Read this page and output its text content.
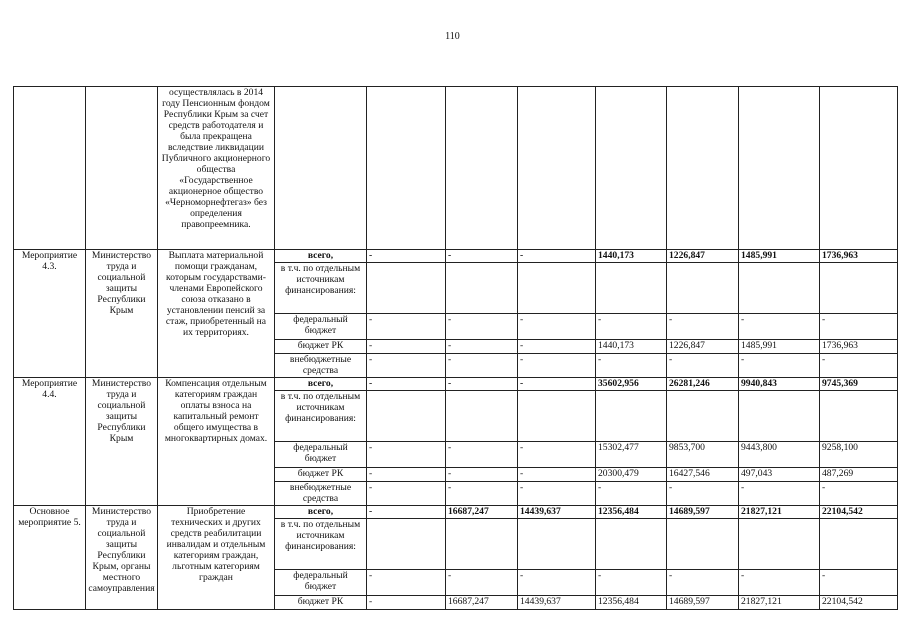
110
		осуществлялась в 2014 году Пенсионным фондом Республики Крым за счет средств работодателя и была прекращена вследствие ликвидации Публичного акционерного общества «Государственное акционерное общество «Черноморнефтегаз» без определения правопреемника.								
Мероприятие 4.3.	Министерство труда и социальной защиты Республики Крым	Выплата материальной помощи гражданам, которым государствами-членами Европейского союза отказано в установлении пенсий за стаж, приобретенный на их территориях.	всего,	-	-	-	1440,173	1226,847	1485,991	1736,963
			в т.ч. по отдельным источникам финансирования:							
			федеральный бюджет	-	-	-	-	-	-	-
			бюджет РК	-	-	-	1440,173	1226,847	1485,991	1736,963
			внебюджетные средства	-	-	-	-	-	-	-
Мероприятие 4.4.	Министерство труда и социальной защиты Республики Крым	Компенсация отдельным категориям граждан оплаты взноса на капитальный ремонт общего имущества в многоквартирных домах.	всего,	-	-	-	35602,956	26281,246	9940,843	9745,369
			в т.ч. по отдельным источникам финансирования:							
			федеральный бюджет	-	-	-	15302,477	9853,700	9443,800	9258,100
			бюджет РК	-	-	-	20300,479	16427,546	497,043	487,269
			внебюджетные средства	-	-	-	-	-	-	-
Основное мероприятие 5.	Министерство труда и социальной защиты Республики Крым, органы местного самоуправления	Приобретение технических и других средств реабилитации инвалидам и отдельным категориям граждан, льготным категориям граждан	всего,	-	16687,247	14439,637	12356,484	14689,597	21827,121	22104,542
			в т.ч. по отдельным источникам финансирования:							
			федеральный бюджет	-	-	-	-	-	-	-
			бюджет РК	-	16687,247	14439,637	12356,484	14689,597	21827,121	22104,542
